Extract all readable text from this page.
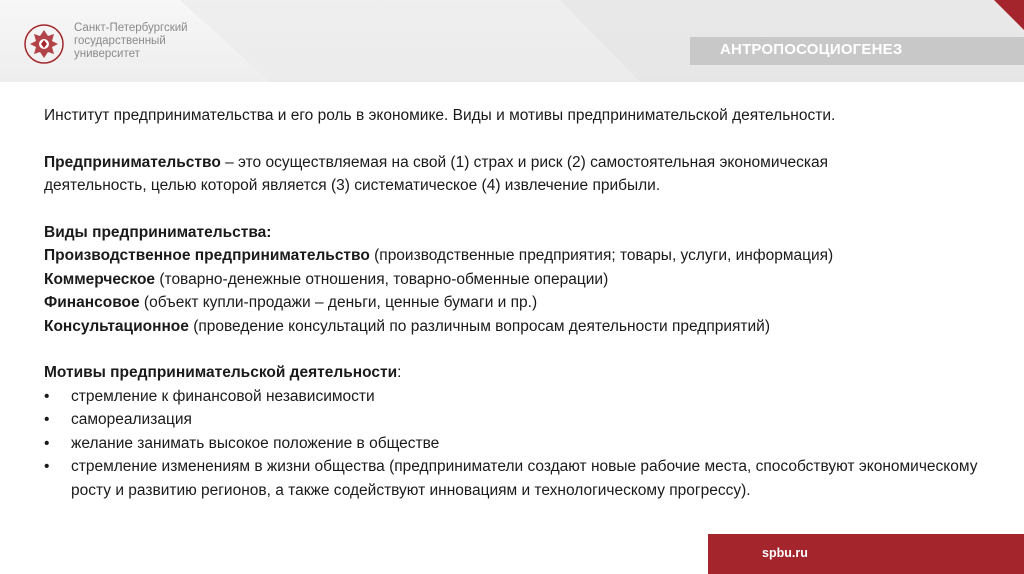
Санкт-Петербургский
государственный
университет	АНТРОПОСОЦИОГЕНЕЗ

Институт предпринимательства и его роль в экономике. Виды и мотивы предпринимательской деятельности.

Предпринимательство – это осуществляемая на свой (1) страх и риск (2) самостоятельная экономическая

деятельность, целью которой является (3) систематическое (4) извлечение прибыли.

Виды предпринимательства:

Производственное предпринимательство (производственные предприятия; товары, услуги, информация)

Коммерческое (товарно-денежные отношения, товарно-обменные операции)

Финансовое (объект купли-продажи – деньги, ценные бумаги и пр.)

Консультационное (проведение консультаций по различным вопросам деятельности предприятий)

Мотивы предпринимательской деятельности:

• стремление к финансовой независимости
• самореализация
• желание занимать высокое положение в обществе
• стремление изменениям в жизни общества (предприниматели создают новые рабочие места, способствуют экономическому росту и развитию регионов, а также содействуют инновациям и технологическому прогрессу).
spbu.ru
